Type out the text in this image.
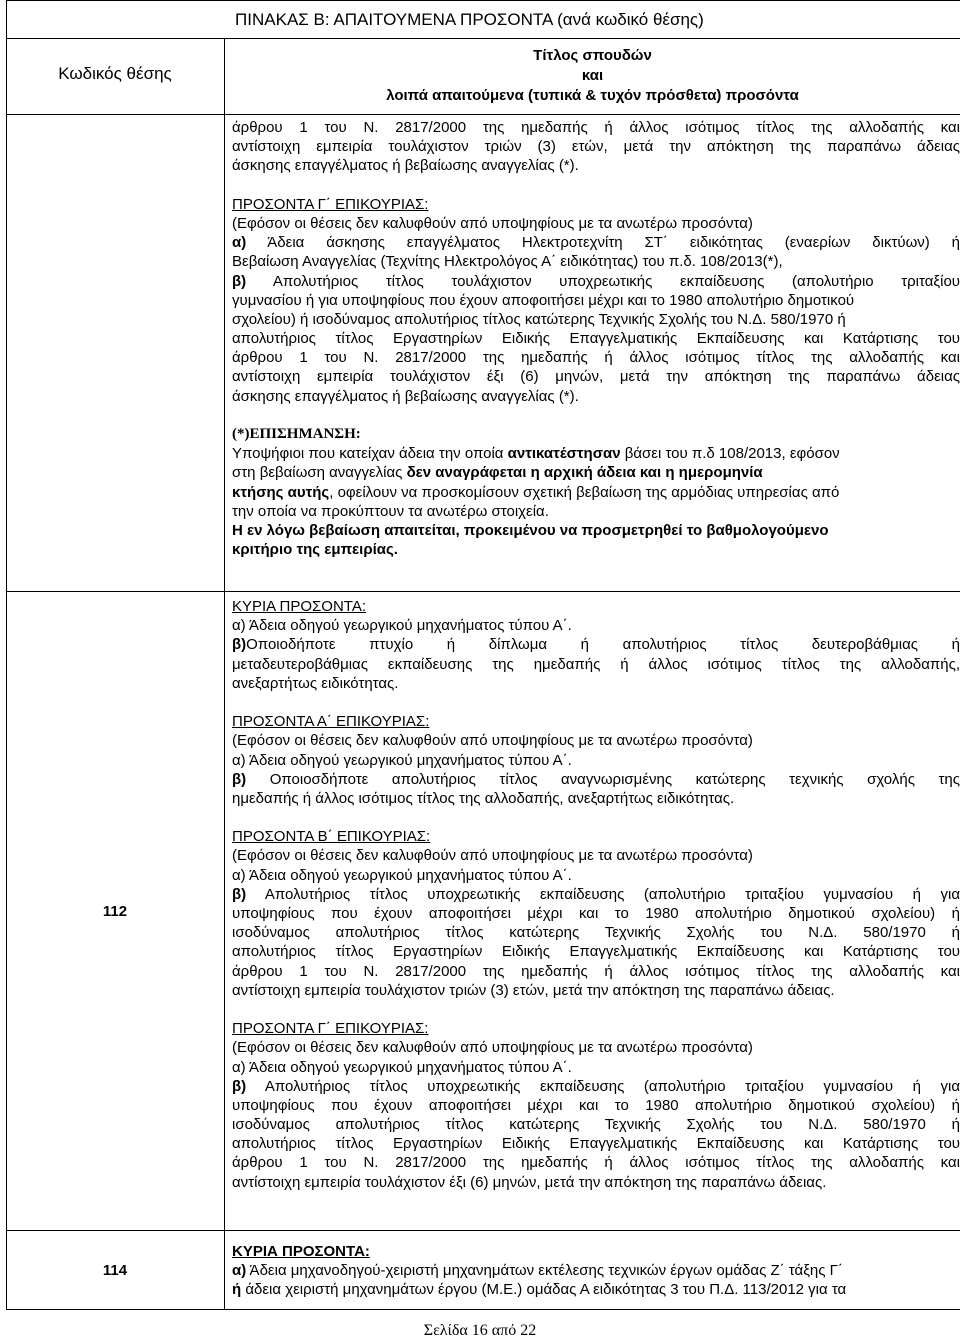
ΠΙΝΑΚΑΣ Β: ΑΠΑΙΤΟΥΜΕΝΑ ΠΡΟΣΟΝΤΑ (ανά κωδικό θέσης)
Κωδικός θέσης
Τίτλος σπουδών
και
λοιπά απαιτούμενα (τυπικά & τυχόν πρόσθετα) προσόντα
άρθρου 1 του Ν. 2817/2000 της ημεδαπής ή άλλος ισότιμος τίτλος της αλλοδαπής και
αντίστοιχη εμπειρία τουλάχιστον τριών (3) ετών, μετά την απόκτηση της παραπάνω άδειας
άσκησης επαγγέλματος ή βεβαίωσης αναγγελίας (*).
ΠΡΟΣΟΝΤΑ Γ΄ ΕΠΙΚΟΥΡΙΑΣ:
(Εφόσον οι θέσεις δεν καλυφθούν από υποψηφίους με τα ανωτέρω προσόντα)
α) Άδεια άσκησης επαγγέλματος Ηλεκτροτεχνίτη ΣΤ΄ ειδικότητας (εναερίων δικτύων) ή
Βεβαίωση Αναγγελίας (Τεχνίτης Ηλεκτρολόγος Α΄ ειδικότητας) του π.δ. 108/2013(*),
β) Απολυτήριος τίτλος τουλάχιστον υποχρεωτικής εκπαίδευσης (απολυτήριο τριταξίου
γυμνασίου ή για υποψηφίους που έχουν αποφοιτήσει μέχρι και το 1980 απολυτήριο δημοτικού
σχολείου) ή ισοδύναμος απολυτήριος τίτλος κατώτερης Τεχνικής Σχολής του Ν.Δ. 580/1970 ή
απολυτήριος τίτλος Εργαστηρίων Ειδικής Επαγγελματικής Εκπαίδευσης και Κατάρτισης του
άρθρου 1 του Ν. 2817/2000 της ημεδαπής ή άλλος ισότιμος τίτλος της αλλοδαπής και
αντίστοιχη εμπειρία τουλάχιστον έξι (6) μηνών, μετά την απόκτηση της παραπάνω άδειας
άσκησης επαγγέλματος ή βεβαίωσης αναγγελίας (*).
(*)ΕΠΙΣΗΜΑΝΣΗ:
Υποψήφιοι που κατείχαν άδεια την οποία αντικατέστησαν βάσει του π.δ 108/2013, εφόσον
στη βεβαίωση αναγγελίας δεν αναγράφεται η αρχική άδεια και η ημερομηνία
κτήσης αυτής, οφείλουν να προσκομίσουν σχετική βεβαίωση της αρμόδιας υπηρεσίας από
την οποία να προκύπτουν τα ανωτέρω στοιχεία.
Η εν λόγω βεβαίωση απαιτείται, προκειμένου να προσμετρηθεί το βαθμολογούμενο
κριτήριο της εμπειρίας.
112
ΚΥΡΙΑ ΠΡΟΣΟΝΤΑ:
α) Άδεια οδηγού γεωργικού μηχανήματος τύπου Α΄.
β)Οποιοδήποτε πτυχίο ή δίπλωμα ή απολυτήριος τίτλος δευτεροβάθμιας ή
μεταδευτεροβάθμιας εκπαίδευσης της ημεδαπής ή άλλος ισότιμος τίτλος της αλλοδαπής,
ανεξαρτήτως ειδικότητας.
ΠΡΟΣΟΝΤΑ Α΄ ΕΠΙΚΟΥΡΙΑΣ:
(Εφόσον οι θέσεις δεν καλυφθούν από υποψηφίους με τα ανωτέρω προσόντα)
α) Άδεια οδηγού γεωργικού μηχανήματος τύπου Α΄.
β) Οποιοσδήποτε απολυτήριος τίτλος αναγνωρισμένης κατώτερης τεχνικής σχολής της
ημεδαπής ή άλλος ισότιμος τίτλος της αλλοδαπής, ανεξαρτήτως ειδικότητας.
ΠΡΟΣΟΝΤΑ Β΄ ΕΠΙΚΟΥΡΙΑΣ:
(Εφόσον οι θέσεις δεν καλυφθούν από υποψηφίους με τα ανωτέρω προσόντα)
α) Άδεια οδηγού γεωργικού μηχανήματος τύπου Α΄.
β) Απολυτήριος τίτλος υποχρεωτικής εκπαίδευσης (απολυτήριο τριταξίου γυμνασίου ή για
υποψηφίους που έχουν αποφοιτήσει μέχρι και το 1980 απολυτήριο δημοτικού σχολείου) ή
ισοδύναμος απολυτήριος τίτλος κατώτερης Τεχνικής Σχολής του Ν.Δ. 580/1970 ή
απολυτήριος τίτλος Εργαστηρίων Ειδικής Επαγγελματικής Εκπαίδευσης και Κατάρτισης του
άρθρου 1 του Ν. 2817/2000 της ημεδαπής ή άλλος ισότιμος τίτλος της αλλοδαπής και
αντίστοιχη εμπειρία τουλάχιστον τριών (3) ετών, μετά την απόκτηση της παραπάνω άδειας.
ΠΡΟΣΟΝΤΑ Γ΄ ΕΠΙΚΟΥΡΙΑΣ:
(Εφόσον οι θέσεις δεν καλυφθούν από υποψηφίους με τα ανωτέρω προσόντα)
α) Άδεια οδηγού γεωργικού μηχανήματος τύπου Α΄.
β) Απολυτήριος τίτλος υποχρεωτικής εκπαίδευσης (απολυτήριο τριταξίου γυμνασίου ή για
υποψηφίους που έχουν αποφοιτήσει μέχρι και το 1980 απολυτήριο δημοτικού σχολείου) ή
ισοδύναμος απολυτήριος τίτλος κατώτερης Τεχνικής Σχολής του Ν.Δ. 580/1970 ή
απολυτήριος τίτλος Εργαστηρίων Ειδικής Επαγγελματικής Εκπαίδευσης και Κατάρτισης του
άρθρου 1 του Ν. 2817/2000 της ημεδαπής ή άλλος ισότιμος τίτλος της αλλοδαπής και
αντίστοιχη εμπειρία τουλάχιστον έξι (6) μηνών, μετά την απόκτηση της παραπάνω άδειας.
114
ΚΥΡΙΑ ΠΡΟΣΟΝΤΑ:
α) Άδεια μηχανοδηγού-χειριστή μηχανημάτων εκτέλεσης τεχνικών έργων ομάδας Ζ΄ τάξης Γ΄
ή άδεια χειριστή μηχανημάτων έργου (Μ.Ε.) ομάδας Α ειδικότητας 3 του Π.Δ. 113/2012 για τα
Σελίδα 16 από 22
